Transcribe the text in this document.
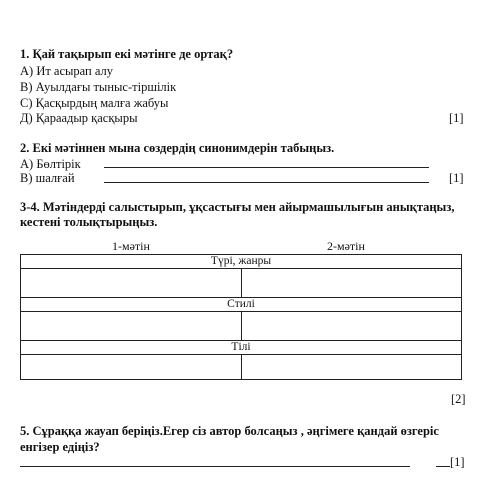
1. Қай тақырып екі мәтінге де ортақ?
А) Ит асырап алу
В) Ауылдағы тыныс-тіршілік
С) Қасқырдың малға жабуы
Д) Қараадыр қасқыры	[1]
2. Екі мәтіннен мына сөздердің синонимдерін табыңыз.
А) Бөлтірік
В) шалғай	[1]
3-4. Мәтіндерді салыстырып, ұқсастығы мен айырмашылығын анықтаңыз,
кестені толықтырыңыз.
1-мәтін	2-мәтін
Түрі, жанры	

Стилі	

Тілі	

[2]
5. Сұраққа жауап беріңіз.Егер сіз автор болсаңыз , әңгімеге қандай өзгеріс
енгізер едіңіз?
[1]
